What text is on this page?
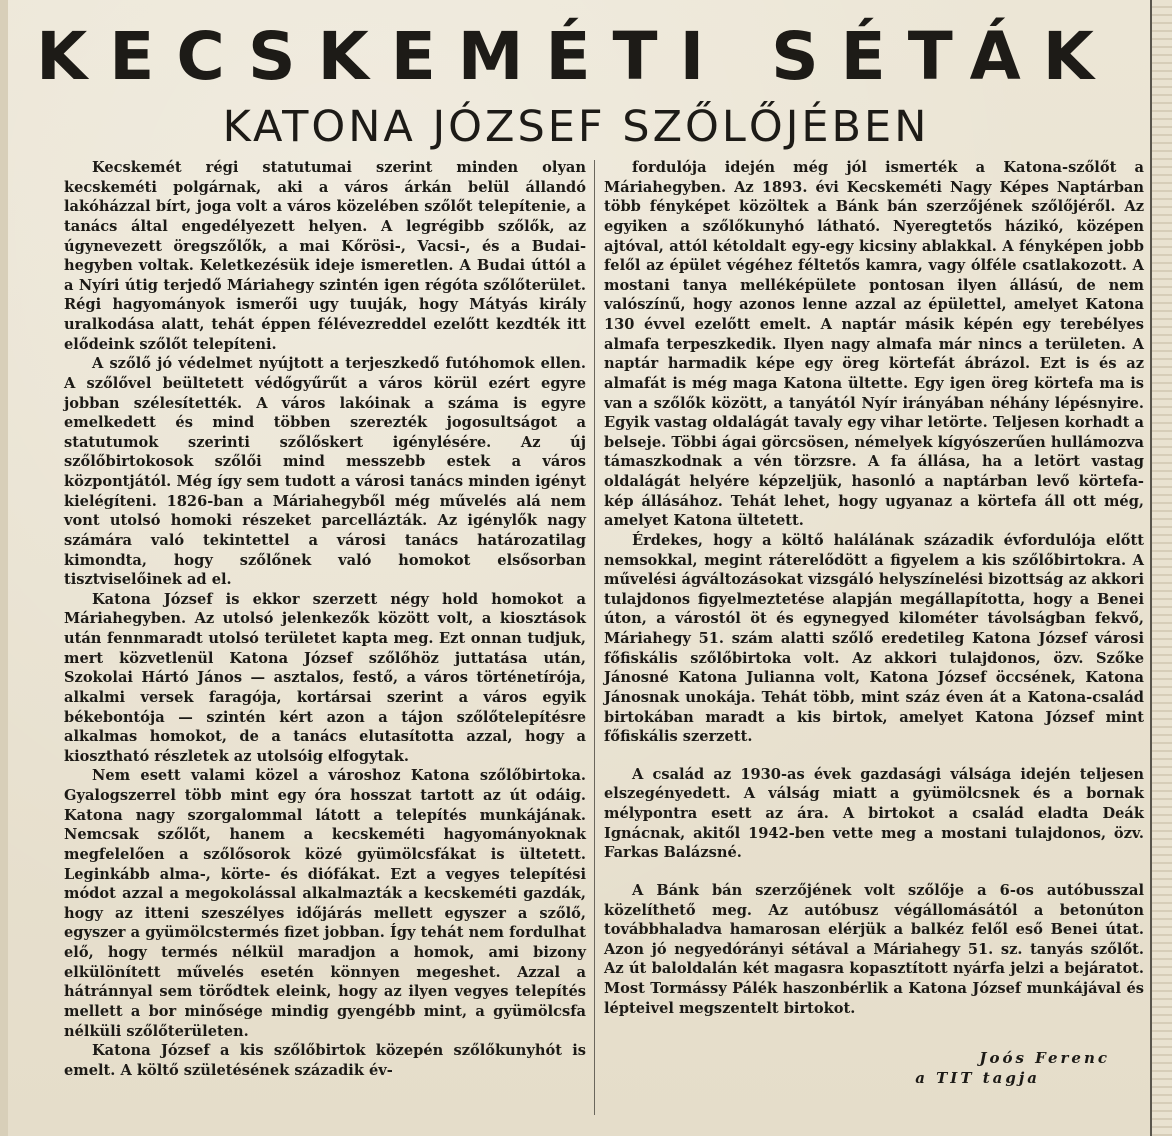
KECSKEMÉTI SÉTÁK
KATONA JÓZSEF SZŐLŐJÉBEN

Kecskemét régi statutumai szerint minden olyan kecskeméti polgárnak, aki a város árkán belül állandó lakóházzal bírt, joga volt a város közelében szőlőt telepítenie, a tanács által engedélyezett helyen. A legrégibb szőlők, az úgynevezett öregszőlők, a mai Kőrösi-, Vacsi-, és a Budai-hegyben voltak. Keletkezésük ideje ismeretlen. A Budai úttól a a Nyíri útig terjedő Máriahegy szintén igen régóta szőlőterület. Régi hagyományok ismerői ugy tuuják, hogy Mátyás király uralkodása alatt, tehát éppen félévezreddel ezelőtt kezdték itt elődeink szőlőt telepíteni.

A szőlő jó védelmet nyújtott a terjeszkedő futóhomok ellen. A szőlővel beültetett védőgyűrűt a város körül ezért egyre jobban szélesítették. A város lakóinak a száma is egyre emelkedett és mind többen szerezték jogosultságot a statutumok szerinti szőlőskert igénylésére. Az új szőlőbirtokosok szőlői mind messzebb estek a város központjától. Még így sem tudott a városi tanács minden igényt kielégíteni. 1826-ban a Máriahegyből még művelés alá nem vont utolsó homoki részeket parcellázták. Az igénylők nagy számára való tekintettel a városi tanács határozatilag kimondta, hogy szőlőnek való homokot elsősorban tisztviselőinek ad el.

Katona József is ekkor szerzett négy hold homokot a Máriahegyben. Az utolsó jelenkezők között volt, a kiosztások után fennmaradt utolsó területet kapta meg. Ezt onnan tudjuk, mert közvetlenül Katona József szőlőhöz juttatása után, Szokolai Hártó János — asztalos, festő, a város történetírója, alkalmi versek faragója, kortársai szerint a város egyik békebontója — szintén kért azon a tájon szőlőtelepítésre alkalmas homokot, de a tanács elutasította azzal, hogy a kiosztható részletek az utolsóig elfogytak.

Nem esett valami közel a városhoz Katona szőlőbirtoka. Gyalogszerrel több mint egy óra hosszat tartott az út odáig. Katona nagy szorgalommal látott a telepítés munkájának. Nemcsak szőlőt, hanem a kecskeméti hagyományoknak megfelelően a szőlősorok közé gyümölcsfákat is ültetett. Leginkább alma-, körte- és diófákat. Ezt a vegyes telepítési módot azzal a megokolással alkalmazták a kecskeméti gazdák, hogy az itteni szeszélyes időjárás mellett egyszer a szőlő, egyszer a gyümölcstermés fizet jobban. Így tehát nem fordulhat elő, hogy termés nélkül maradjon a homok, ami bizony elkülönített művelés esetén könnyen megeshet. Azzal a hátránnyal sem törődtek eleink, hogy az ilyen vegyes telepítés mellett a bor minősége mindig gyengébb mint, a gyümölcsfa nélküli szőlőterületen.

Katona József a kis szőlőbirtok közepén szőlőkunyhót is emelt. A költő születésének századik év-

fordulója idején még jól ismerték a Katona-szőlőt a Máriahegyben. Az 1893. évi Kecskeméti Nagy Képes Naptárban több fényképet közöltek a Bánk bán szerzőjének szőlőjéről. Az egyiken a szőlőkunyhó látható. Nyeregtetős házikó, középen ajtóval, attól kétoldalt egy-egy kicsiny ablakkal. A fényképen jobb felől az épület végéhez féltetős kamra, vagy ólféle csatlakozott. A mostani tanya melléképülete pontosan ilyen állású, de nem valószínű, hogy azonos lenne azzal az épülettel, amelyet Katona 130 évvel ezelőtt emelt. A naptár másik képén egy terebélyes almafa terpeszkedik. Ilyen nagy almafa már nincs a területen. A naptár harmadik képe egy öreg körtefát ábrázol. Ezt is és az almafát is még maga Katona ültette. Egy igen öreg körtefa ma is van a szőlők között, a tanyától Nyír irányában néhány lépésnyire. Egyik vastag oldalágát tavaly egy vihar letörte. Teljesen korhadt a belseje. Többi ágai görcsösen, némelyek kígyószerűen hullámozva támaszkodnak a vén törzsre. A fa állása, ha a letört vastag oldalágát helyére képzeljük, hasonló a naptárban levő körtefa-kép állásához. Tehát lehet, hogy ugyanaz a körtefa áll ott még, amelyet Katona ültetett.

Érdekes, hogy a költő halálának századik évfordulója előtt nemsokkal, megint ráterelődött a figyelem a kis szőlőbirtokra. A művelési ágváltozásokat vizsgáló helyszínelési bizottság az akkori tulajdonos figyelmeztetése alapján megállapította, hogy a Benei úton, a várostól öt és egynegyed kilométer távolságban fekvő, Máriahegy 51. szám alatti szőlő eredetileg Katona József városi főfiskális szőlőbirtoka volt. Az akkori tulajdonos, özv. Szőke Jánosné Katona Julianna volt, Katona József öccsének, Katona Jánosnak unokája. Tehát több, mint száz éven át a Katona-család birtokában maradt a kis birtok, amelyet Katona József mint főfiskális szerzett.

A család az 1930-as évek gazdasági válsága idején teljesen elszegényedett. A válság miatt a gyümölcsnek és a bornak mélypontra esett az ára. A birtokot a család eladta Deák Ignácnak, akitől 1942-ben vette meg a mostani tulajdonos, özv. Farkas Balázsné.

A Bánk bán szerzőjének volt szőlője a 6-os autóbusszal közelíthető meg. Az autóbusz végállomásától a betonúton továbbhaladva hamarosan elérjük a balkéz felől eső Benei útat. Azon jó negyedórányi sétával a Máriahegy 51. sz. tanyás szőlőt. Az út baloldalán két magasra kopasztított nyárfa jelzi a bejáratot. Most Tormássy Pálék haszonbérlik a Katona József munkájával és lépteivel megszentelt birtokot.

Joós Ferenc
a TIT tagja
